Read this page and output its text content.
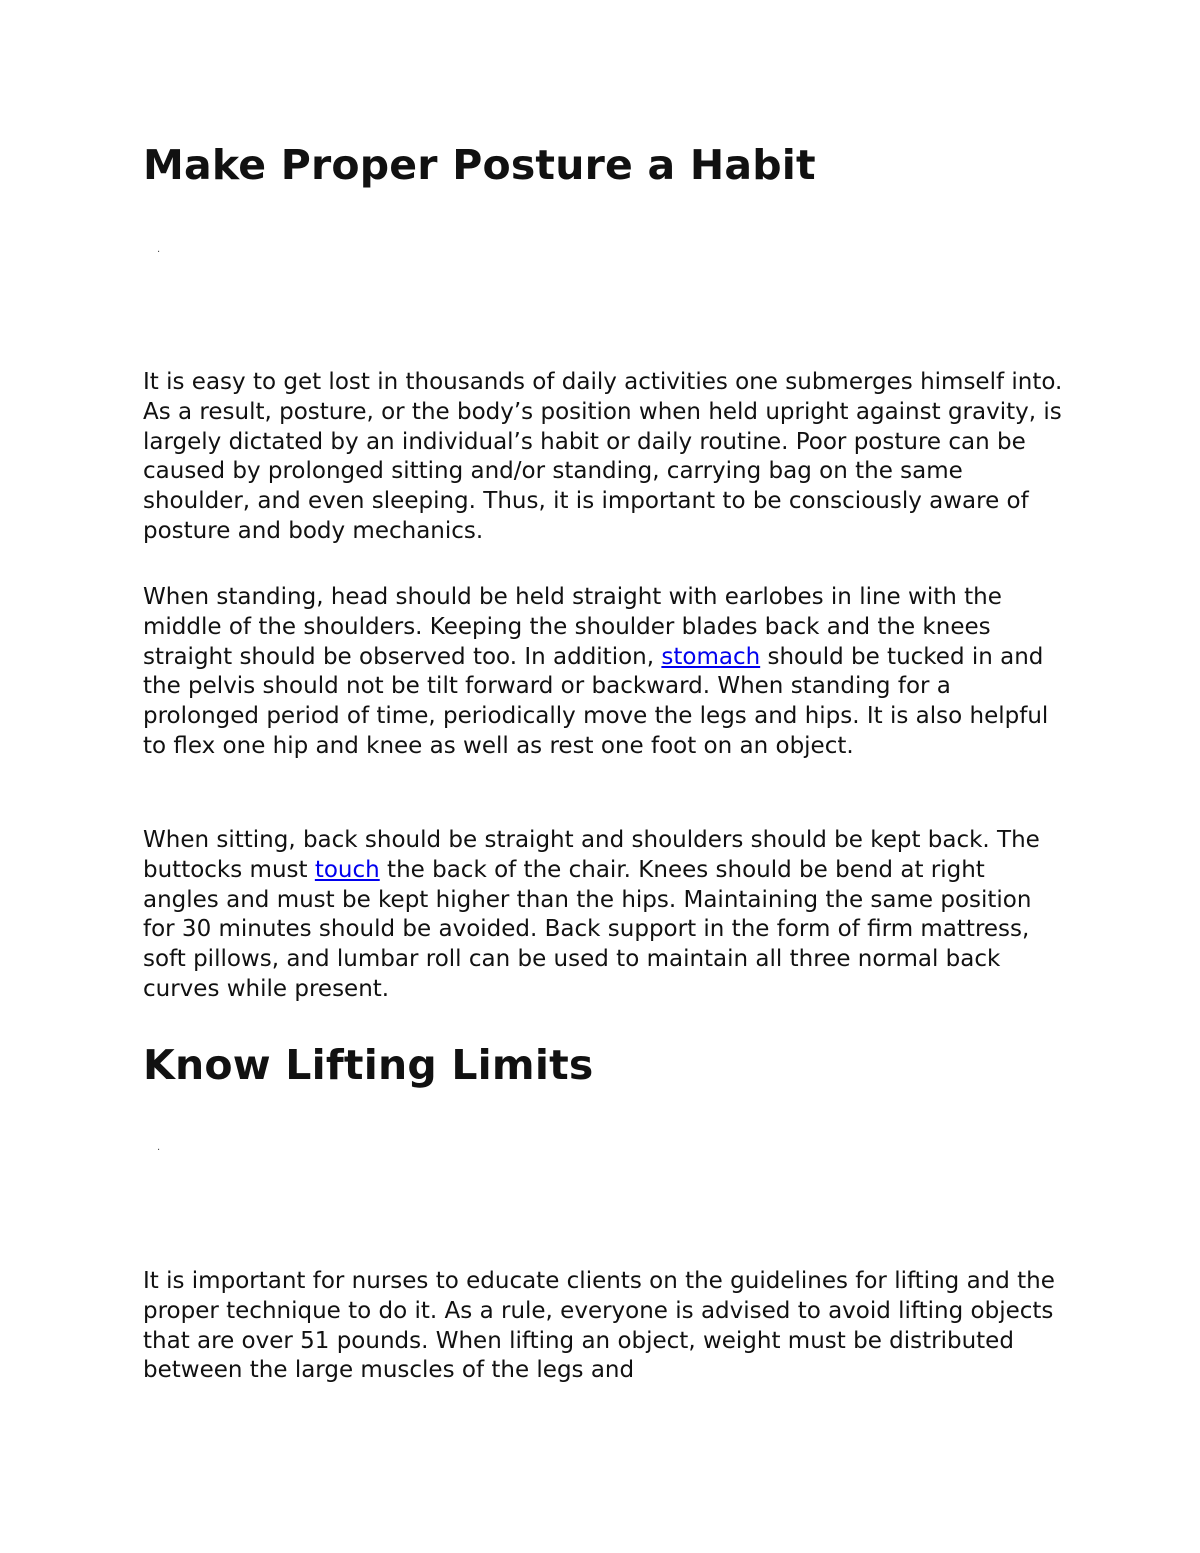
Make Proper Posture a Habit
.

It is easy to get lost in thousands of daily activities one submerges himself into. As a result, posture, or the body’s position when held upright against gravity, is largely dictated by an individual’s habit or daily routine. Poor posture can be caused by prolonged sitting and/or standing, carrying bag on the same shoulder, and even sleeping. Thus, it is important to be consciously aware of posture and body mechanics.

When standing, head should be held straight with earlobes in line with the middle of the shoulders. Keeping the shoulder blades back and the knees straight should be observed too. In addition, stomach should be tucked in and the pelvis should not be tilt forward or backward. When standing for a prolonged period of time, periodically move the legs and hips. It is also helpful to flex one hip and knee as well as rest one foot on an object.

When sitting, back should be straight and shoulders should be kept back. The buttocks must touch the back of the chair. Knees should be bend at right angles and must be kept higher than the hips. Maintaining the same position for 30 minutes should be avoided. Back support in the form of firm mattress, soft pillows, and lumbar roll can be used to maintain all three normal back curves while present.

Know Lifting Limits
.

It is important for nurses to educate clients on the guidelines for lifting and the proper technique to do it. As a rule, everyone is advised to avoid lifting objects that are over 51 pounds. When lifting an object, weight must be distributed between the large muscles of the legs and
